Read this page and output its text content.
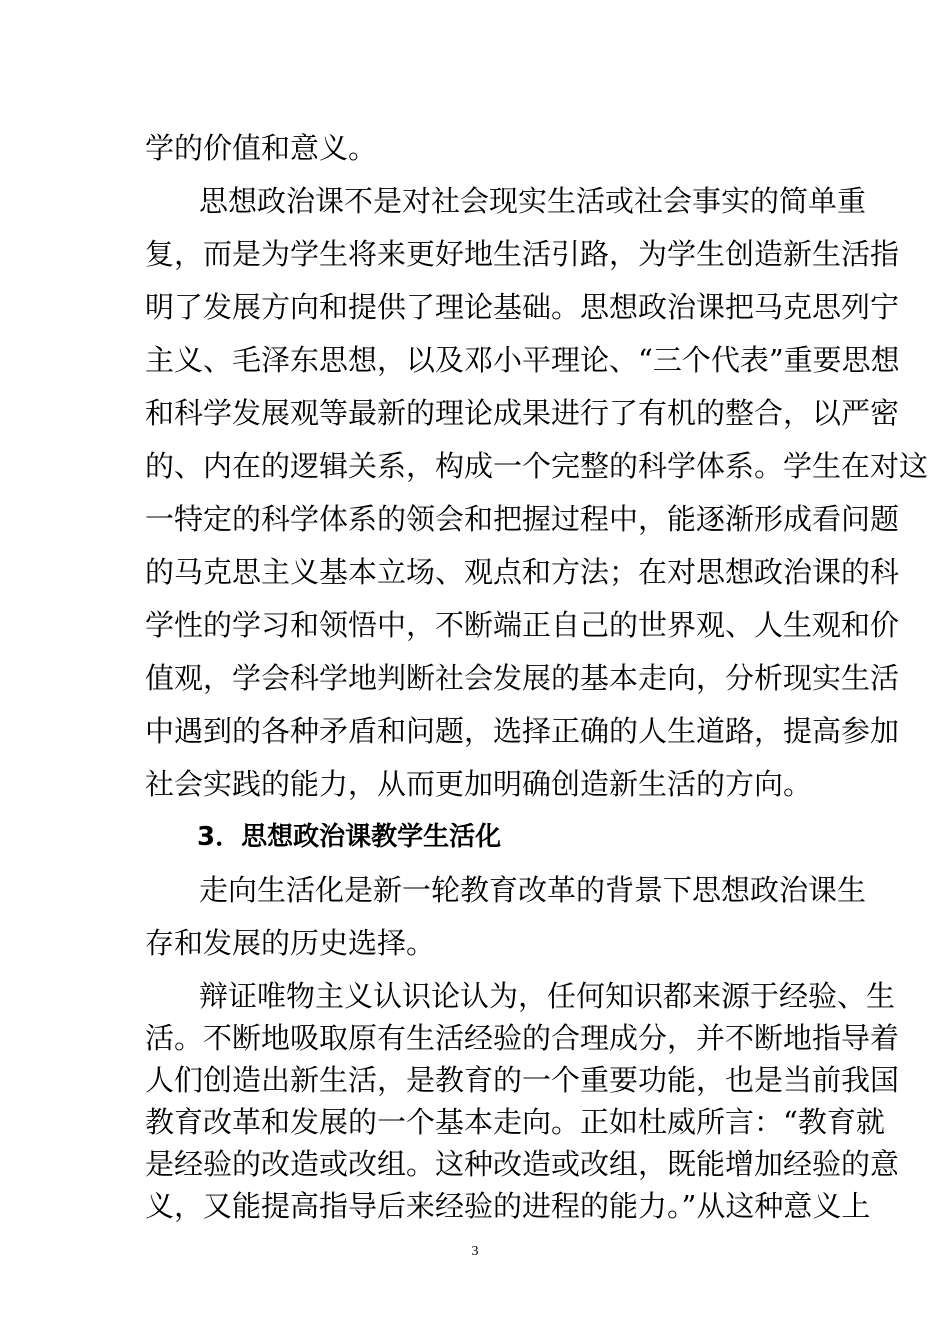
学的价值和意义。
思想政治课不是对社会现实生活或社会事实的简单重
复，而是为学生将来更好地生活引路，为学生创造新生活指
明了发展方向和提供了理论基础。思想政治课把马克思列宁
主义、毛泽东思想，以及邓小平理论、“三个代表”重要思想
和科学发展观等最新的理论成果进行了有机的整合，以严密
的、内在的逻辑关系，构成一个完整的科学体系。学生在对这
一特定的科学体系的领会和把握过程中，能逐渐形成看问题
的马克思主义基本立场、观点和方法；在对思想政治课的科
学性的学习和领悟中，不断端正自己的世界观、人生观和价
值观，学会科学地判断社会发展的基本走向，分析现实生活
中遇到的各种矛盾和问题，选择正确的人生道路，提高参加
社会实践的能力，从而更加明确创造新生活的方向。
3．思想政治课教学生活化
走向生活化是新一轮教育改革的背景下思想政治课生
存和发展的历史选择。
辩证唯物主义认识论认为，任何知识都来源于经验、生
活。不断地吸取原有生活经验的合理成分，并不断地指导着
人们创造出新生活，是教育的一个重要功能，也是当前我国
教育改革和发展的一个基本走向。正如杜威所言：“教育就
是经验的改造或改组。这种改造或改组，既能增加经验的意
3
义，又能提高指导后来经验的进程的能力。”从这种意义上
